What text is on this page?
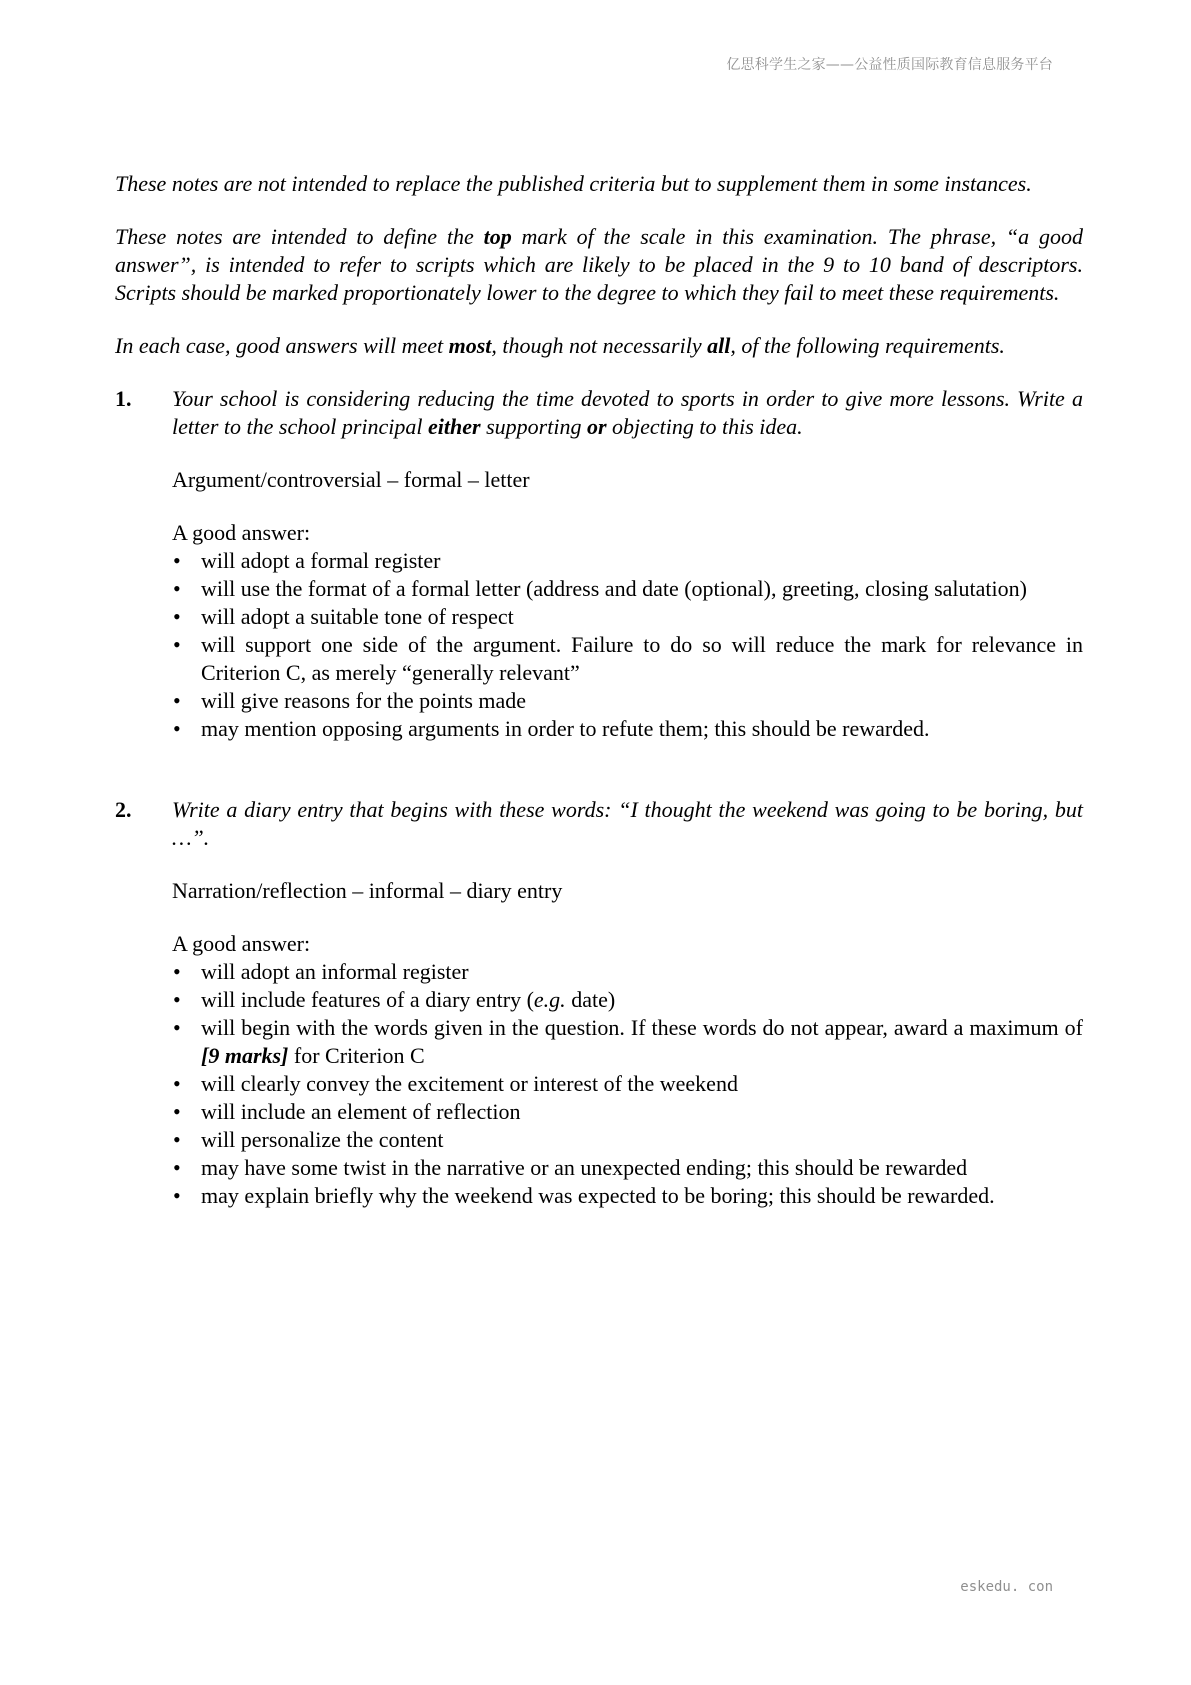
亿思科学生之家——公益性质国际教育信息服务平台

These notes are not intended to replace the published criteria but to supplement them in some instances.

These notes are intended to define the top mark of the scale in this examination. The phrase, “a good answer”, is intended to refer to scripts which are likely to be placed in the 9 to 10 band of descriptors. Scripts should be marked proportionately lower to the degree to which they fail to meet these requirements.

In each case, good answers will meet most, though not necessarily all, of the following requirements.

1. Your school is considering reducing the time devoted to sports in order to give more lessons. Write a letter to the school principal either supporting or objecting to this idea.

Argument/controversial – formal – letter

A good answer:

• will adopt a formal register
• will use the format of a formal letter (address and date (optional), greeting, closing salutation)
• will adopt a suitable tone of respect
• will support one side of the argument. Failure to do so will reduce the mark for relevance in Criterion C, as merely “generally relevant”
• will give reasons for the points made
• may mention opposing arguments in order to refute them; this should be rewarded.
2. Write a diary entry that begins with these words: “I thought the weekend was going to be boring, but …”.

Narration/reflection – informal – diary entry

A good answer:

• will adopt an informal register
• will include features of a diary entry (e.g. date)
• will begin with the words given in the question. If these words do not appear, award a maximum of [9 marks] for Criterion C
• will clearly convey the excitement or interest of the weekend
• will include an element of reflection
• will personalize the content
• may have some twist in the narrative or an unexpected ending; this should be rewarded
• may explain briefly why the weekend was expected to be boring; this should be rewarded.
eskedu. con
